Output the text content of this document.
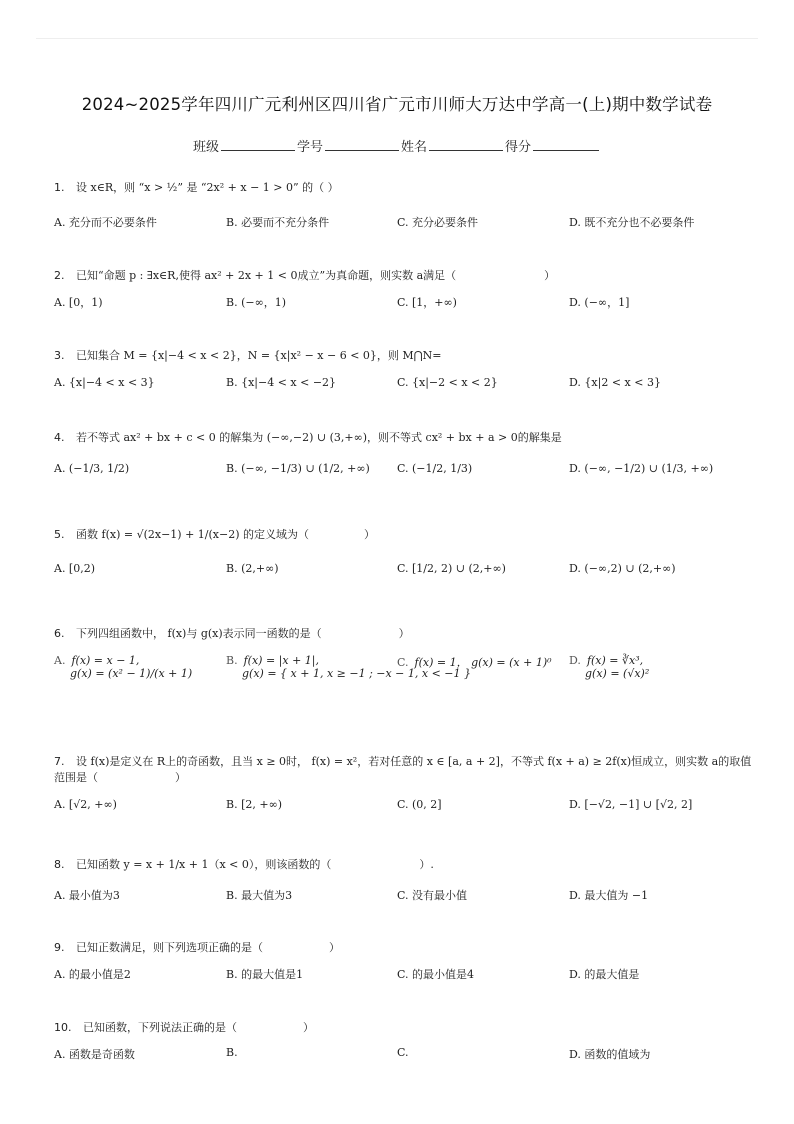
2024~2025学年四川广元利州区四川省广元市川师大万达中学高一(上)期中数学试卷
班级	学号	姓名	得分
1. 设 x∈R，则 “x > ½” 是 “2x² + x − 1 > 0” 的（ ）
A. 充分而不必要条件	B. 必要而不充分条件	C. 充分必要条件	D. 既不充分也不必要条件
2. 已知“命题 p : ∃x∈R,使得 ax² + 2x + 1 < 0成立”为真命题，则实数 a满足（　　　　　　　　）
A. [0，1)	B. (−∞，1)	C. [1，+∞)	D. (−∞，1]
3. 已知集合 M = {x|−4 < x < 2}，N = {x|x² − x − 6 < 0}，则 M⋂N=
A. {x|−4 < x < 3}	B. {x|−4 < x < −2}	C. {x|−2 < x < 2}	D. {x|2 < x < 3}
4. 若不等式 ax² + bx + c < 0 的解集为 (−∞,−2) ∪ (3,+∞)，则不等式 cx² + bx + a > 0的解集是
A. (−1/3, 1/2)	B. (−∞, −1/3) ∪ (1/2, +∞) C. (−1/2, 1/3)	D. (−∞, −1/2) ∪ (1/3, +∞)
5. 函数 f(x) = √(2x−1) + 1/(x−2) 的定义域为（　　　　　）
A. [0,2)	B. (2,+∞)	C. [1/2, 2) ∪ (2,+∞)	D. (−∞,2) ∪ (2,+∞)
6. 下列四组函数中， f(x)与 g(x)表示同一函数的是（　　　　　　　）
A. f(x) = x − 1,
g(x) = (x² − 1)/(x + 1)
B. f(x) = |x + 1|,
g(x) = { x + 1, x ≥ −1 ; −x − 1, x < −1 }
C. f(x) = 1， g(x) = (x + 1)⁰ D. f(x) = ∛x³,
g(x) = (√x)²
7. 设 f(x)是定义在 R上的奇函数，且当 x ≥ 0时， f(x) = x²，若对任意的 x ∈ [a, a + 2]，不等式 f(x + a) ≥ 2f(x)恒成立，则实数 a的取值范围是（　　　　　　　）
A. [√2, +∞)	B. [2, +∞)	C. (0, 2]	D. [−√2, −1] ∪ [√2, 2]
8. 已知函数 y = x + 1/x + 1（x < 0），则该函数的（　　　　　　　　）.
A. 最小值为3	B. 最大值为3	C. 没有最小值	D. 最大值为 −1
9. 已知正数满足，则下列选项正确的是（　　　　　　）
A. 的最小值是2	B. 的最大值是1	C. 的最小值是4	D. 的最大值是
10. 已知函数，下列说法正确的是（　　　　　　）
A. 函数是奇函数	B.	C.	D. 函数的值域为
